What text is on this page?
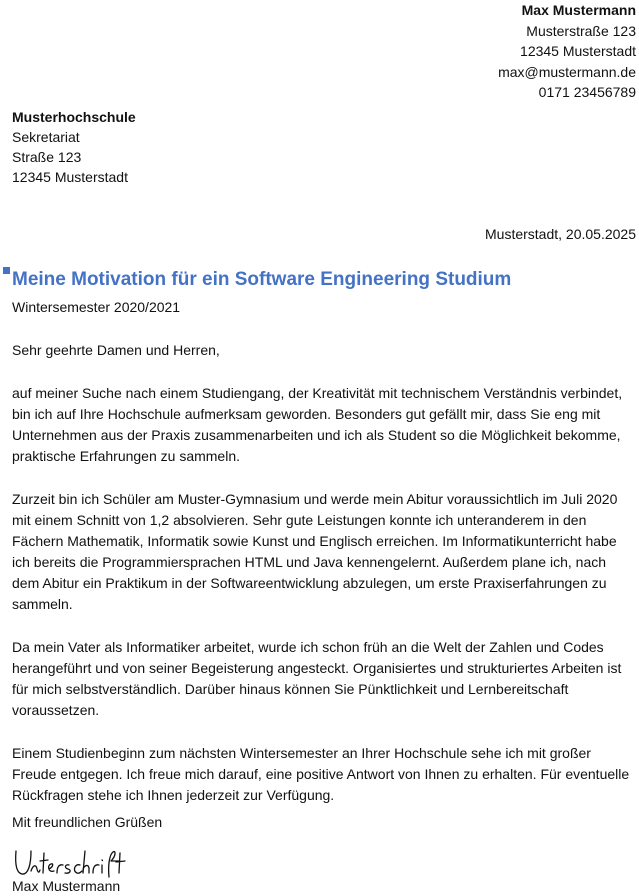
Max Mustermann
Musterstraße 123
12345 Musterstadt
max@mustermann.de
0171 23456789
Musterhochschule
Sekretariat
Straße 123
12345 Musterstadt
Musterstadt, 20.05.2025
Meine Motivation für ein Software Engineering Studium
Wintersemester 2020/2021
Sehr geehrte Damen und Herren,

auf meiner Suche nach einem Studiengang, der Kreativität mit technischem Verständnis verbindet, bin ich auf Ihre Hochschule aufmerksam geworden. Besonders gut gefällt mir, dass Sie eng mit Unternehmen aus der Praxis zusammenarbeiten und ich als Student so die Möglichkeit bekomme, praktische Erfahrungen zu sammeln.

Zurzeit bin ich Schüler am Muster-Gymnasium und werde mein Abitur voraussichtlich im Juli 2020 mit einem Schnitt von 1,2 absolvieren. Sehr gute Leistungen konnte ich unteranderem in den Fächern Mathematik, Informatik sowie Kunst und Englisch erreichen. Im Informatikunterricht habe ich bereits die Programmiersprachen HTML und Java kennengelernt. Außerdem plane ich, nach dem Abitur ein Praktikum in der Softwareentwicklung abzulegen, um erste Praxiserfahrungen zu sammeln.

Da mein Vater als Informatiker arbeitet, wurde ich schon früh an die Welt der Zahlen und Codes herangeführt und von seiner Begeisterung angesteckt. Organisiertes und strukturiertes Arbeiten ist für mich selbstverständlich. Darüber hinaus können Sie Pünktlichkeit und Lernbereitschaft voraussetzen.

Einem Studienbeginn zum nächsten Wintersemester an Ihrer Hochschule sehe ich mit großer Freude entgegen. Ich freue mich darauf, eine positive Antwort von Ihnen zu erhalten. Für eventuelle Rückfragen stehe ich Ihnen jederzeit zur Verfügung.

Mit freundlichen Grüßen
Max Mustermann
